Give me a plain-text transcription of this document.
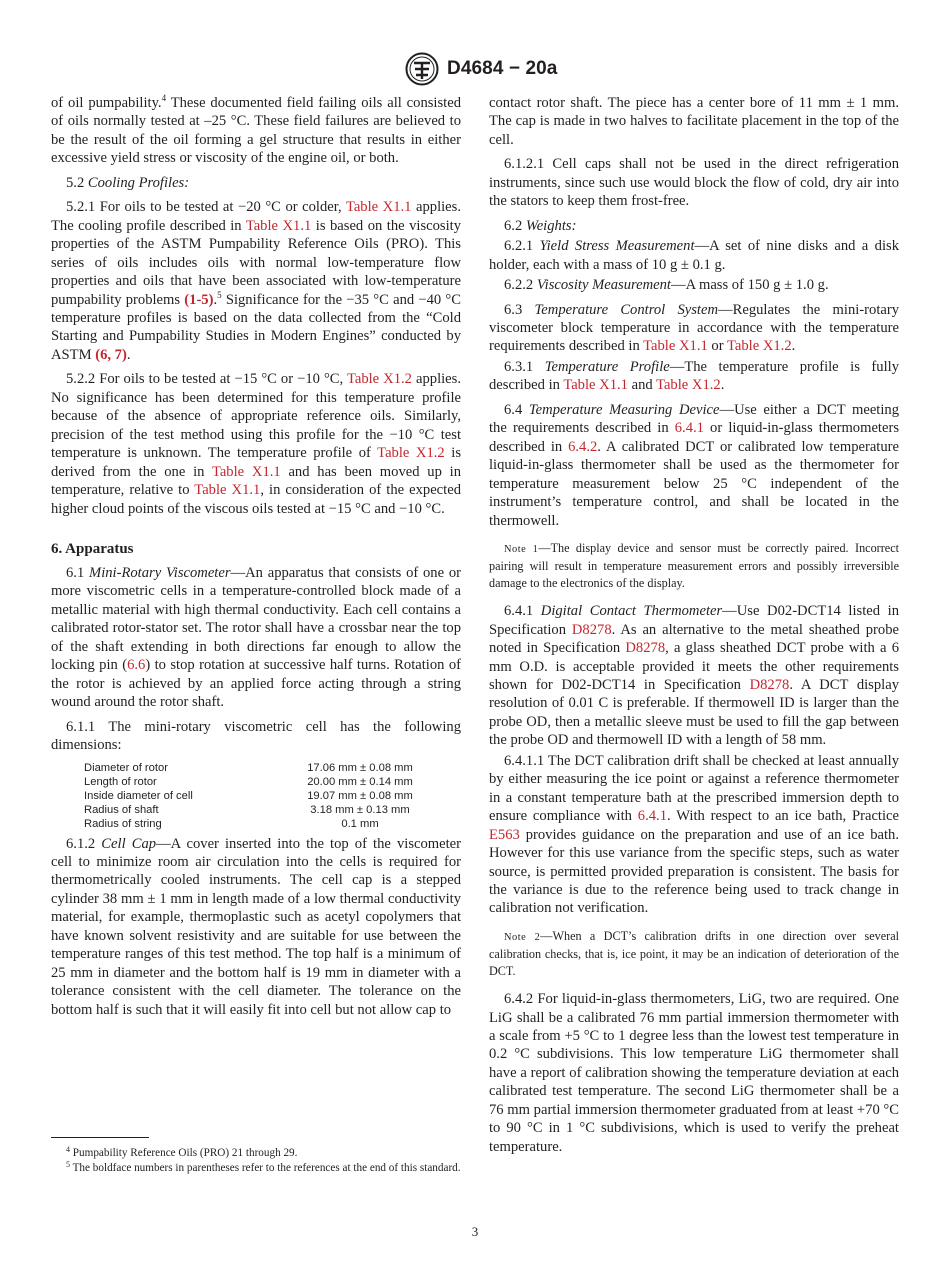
D4684 − 20a

of oil pumpability.$^4$ These documented field failing oils all consisted of oils normally tested at –25 °C. These field failures are believed to be the result of the oil forming a gel structure that results in either excessive yield stress or viscosity of the engine oil, or both.

5.2 Cooling Profiles:

5.2.1 For oils to be tested at −20 °C or colder, Table X1.1 applies. The cooling profile described in Table X1.1 is based on the viscosity properties of the ASTM Pumpability Reference Oils (PRO). This series of oils includes oils with normal low-temperature flow properties and oils that have been associated with low-temperature pumpability problems (1-5).$^5$ Significance for the −35 °C and −40 °C temperature profiles is based on the data collected from the “Cold Starting and Pumpability Studies in Modern Engines” conducted by ASTM (6, 7).

5.2.2 For oils to be tested at −15 °C or −10 °C, Table X1.2 applies. No significance has been determined for this temperature profile because of the absence of appropriate reference oils. Similarly, precision of the test method using this profile for the −10 °C test temperature is unknown. The temperature profile of Table X1.2 is derived from the one in Table X1.1 and has been moved up in temperature, relative to Table X1.1, in consideration of the expected higher cloud points of the viscous oils tested at −15 °C and −10 °C.

6. Apparatus

6.1 Mini-Rotary Viscometer—An apparatus that consists of one or more viscometric cells in a temperature-controlled block made of a metallic material with high thermal conductivity. Each cell contains a calibrated rotor-stator set. The rotor shall have a crossbar near the top of the shaft extending in both directions far enough to allow the locking pin (6.6) to stop rotation at successive half turns. Rotation of the rotor is achieved by an applied force acting through a string wound around the rotor shaft.

6.1.1 The mini-rotary viscometric cell has the following dimensions:

Diameter of rotor	17.06 mm ± 0.08 mm
Length of rotor	20.00 mm ± 0.14 mm
Inside diameter of cell	19.07 mm ± 0.08 mm
Radius of shaft	3.18 mm ± 0.13 mm
Radius of string	0.1 mm

6.1.2 Cell Cap—A cover inserted into the top of the viscometer cell to minimize room air circulation into the cells is required for thermometrically cooled instruments. The cell cap is a stepped cylinder 38 mm ± 1 mm in length made of a low thermal conductivity material, for example, thermoplastic such as acetyl copolymers that have known solvent resistivity and are suitable for use between the temperature ranges of this test method. The top half is a minimum of 25 mm in diameter and the bottom half is 19 mm in diameter with a tolerance consistent with the cell diameter. The tolerance on the bottom half is such that it will easily fit into cell but not allow cap to

$^4$ Pumpability Reference Oils (PRO) 21 through 29.
$^5$ The boldface numbers in parentheses refer to the references at the end of this standard.

contact rotor shaft. The piece has a center bore of 11 mm ± 1 mm. The cap is made in two halves to facilitate placement in the top of the cell.

6.1.2.1 Cell caps shall not be used in the direct refrigeration instruments, since such use would block the flow of cold, dry air into the stators to keep them frost-free.

6.2 Weights:

6.2.1 Yield Stress Measurement—A set of nine disks and a disk holder, each with a mass of 10 g ± 0.1 g.

6.2.2 Viscosity Measurement—A mass of 150 g ± 1.0 g.

6.3 Temperature Control System—Regulates the mini-rotary viscometer block temperature in accordance with the temperature requirements described in Table X1.1 or Table X1.2.

6.3.1 Temperature Profile—The temperature profile is fully described in Table X1.1 and Table X1.2.

6.4 Temperature Measuring Device—Use either a DCT meeting the requirements described in 6.4.1 or liquid-in-glass thermometers described in 6.4.2. A calibrated DCT or calibrated low temperature liquid-in-glass thermometer shall be used as the thermometer for temperature measurement below 25 °C independent of the instrument’s temperature control, and shall be located in the thermowell.

Note 1—The display device and sensor must be correctly paired. Incorrect pairing will result in temperature measurement errors and possibly irreversible damage to the electronics of the display.

6.4.1 Digital Contact Thermometer—Use D02-DCT14 listed in Specification D8278. As an alternative to the metal sheathed probe noted in Specification D8278, a glass sheathed DCT probe with a 6 mm O.D. is acceptable provided it meets the other requirements shown for D02-DCT14 in Specification D8278. A DCT display resolution of 0.01 C is preferable. If thermowell ID is larger than the probe OD, then a metallic sleeve must be used to fill the gap between the probe OD and thermowell ID with a length of 58 mm.

6.4.1.1 The DCT calibration drift shall be checked at least annually by either measuring the ice point or against a reference thermometer in a constant temperature bath at the prescribed immersion depth to ensure compliance with 6.4.1. With respect to an ice bath, Practice E563 provides guidance on the preparation and use of an ice bath. However for this use variance from the specific steps, such as water source, is permitted provided preparation is consistent. The basis for the variance is due to the reference being used to track change in calibration not verification.

Note 2—When a DCT’s calibration drifts in one direction over several calibration checks, that is, ice point, it may be an indication of deterioration of the DCT.

6.4.2 For liquid-in-glass thermometers, LiG, two are required. One LiG shall be a calibrated 76 mm partial immersion thermometer with a scale from +5 °C to 1 degree less than the lowest test temperature in 0.2 °C subdivisions. This low temperature LiG thermometer shall have a report of calibration showing the temperature deviation at each calibrated test temperature. The second LiG thermometer shall be a 76 mm partial immersion thermometer graduated from at least +70 °C to 90 °C in 1 °C subdivisions, which is used to verify the preheat temperature.

3
